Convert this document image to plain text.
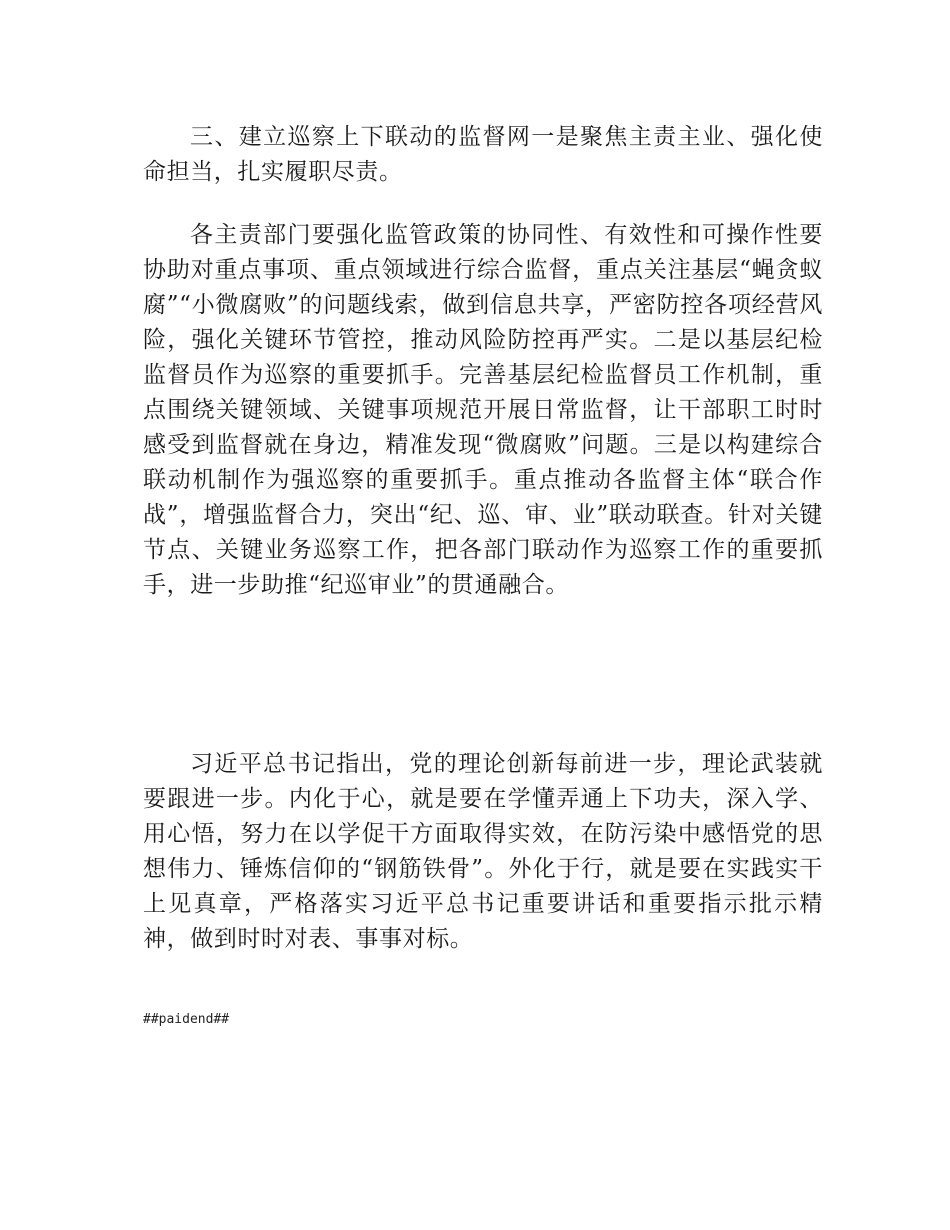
三、建立巡察上下联动的监督网一是聚焦主责主业、强化使命担当，扎实履职尽责。

各主责部门要强化监管政策的协同性、有效性和可操作性要协助对重点事项、重点领域进行综合监督，重点关注基层“蝇贪蚁腐”“小微腐败”的问题线索，做到信息共享，严密防控各项经营风险，强化关键环节管控，推动风险防控再严实。二是以基层纪检监督员作为巡察的重要抓手。完善基层纪检监督员工作机制，重点围绕关键领域、关键事项规范开展日常监督，让干部职工时时感受到监督就在身边，精准发现“微腐败”问题。三是以构建综合联动机制作为强巡察的重要抓手。重点推动各监督主体“联合作战”，增强监督合力，突出“纪、巡、审、业”联动联查。针对关键节点、关键业务巡察工作，把各部门联动作为巡察工作的重要抓手，进一步助推“纪巡审业”的贯通融合。

习近平总书记指出，党的理论创新每前进一步，理论武装就要跟进一步。内化于心，就是要在学懂弄通上下功夫，深入学、用心悟，努力在以学促干方面取得实效，在防污染中感悟党的思想伟力、锤炼信仰的“钢筋铁骨”。外化于行，就是要在实践实干上见真章，严格落实习近平总书记重要讲话和重要指示批示精神，做到时时对表、事事对标。

##paidend##
